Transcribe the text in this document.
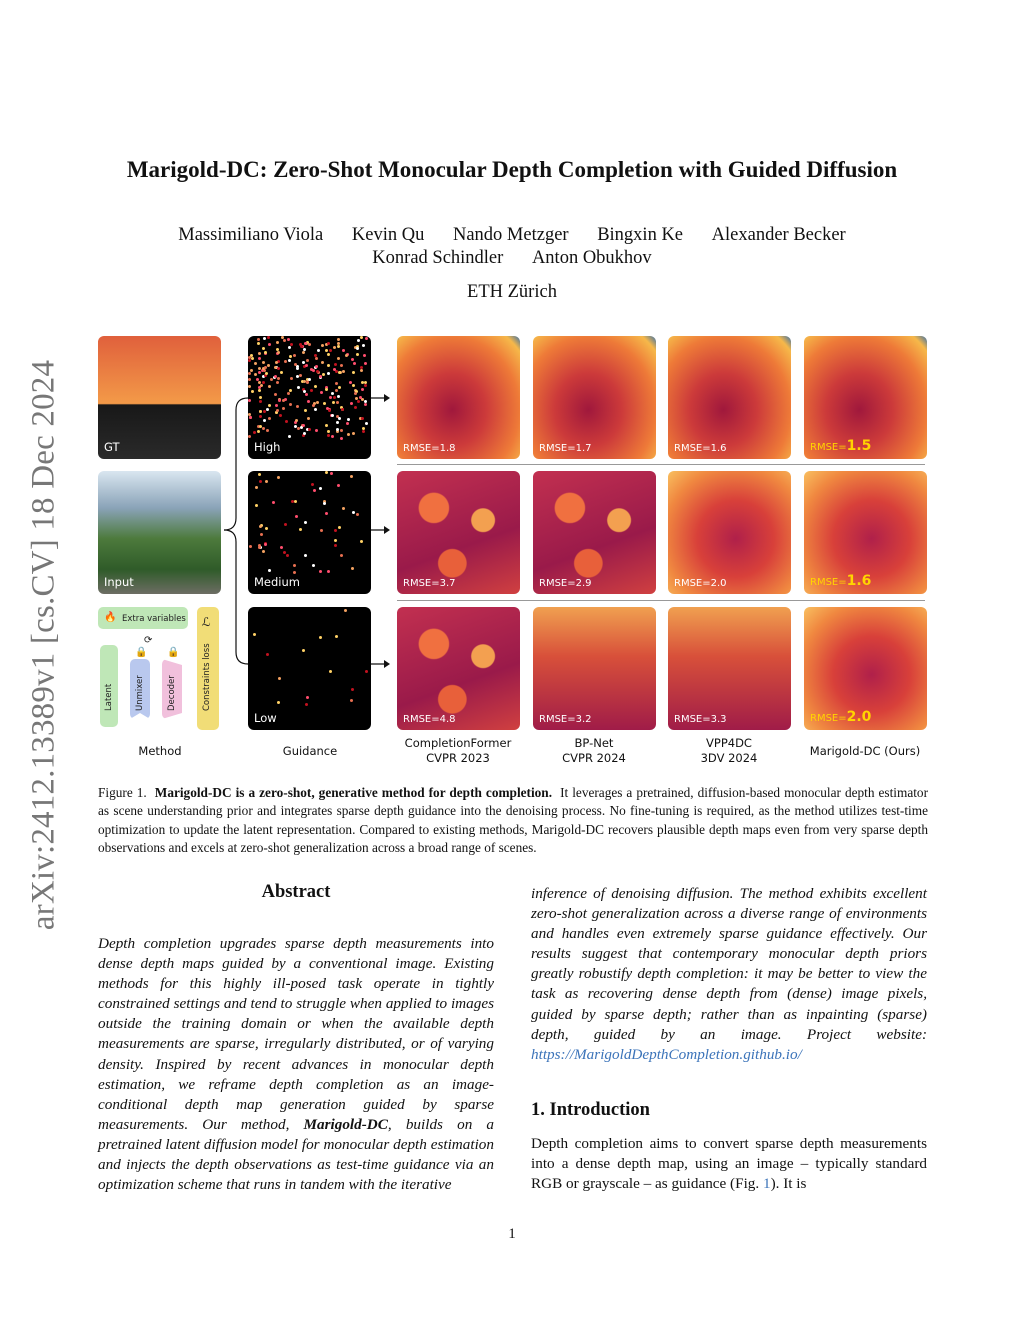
arXiv:2412.13389v1 [cs.CV] 18 Dec 2024
Marigold-DC: Zero-Shot Monocular Depth Completion with Guided Diffusion
Massimiliano Viola Kevin Qu Nando Metzger Bingxin Ke Alexander Becker
Konrad Schindler Anton Obukhov
ETH Zürich
GT
Input
🔥 Extra variables ℒ
Constraints loss
Latent
🔒
Unmixer
⟳
🔒
Decoder
High
Medium
Low
RMSE=1.8	RMSE=1.7	RMSE=1.6	RMSE=1.5
RMSE=3.7	RMSE=2.9	RMSE=2.0	RMSE=1.6
RMSE=4.8	RMSE=3.2	RMSE=3.3	RMSE=2.0
Method	Guidance
CompletionFormer
CVPR 2023
BP-Net
CVPR 2024
VPP4DC
3DV 2024	Marigold-DC (Ours)
Figure 1. Marigold-DC is a zero-shot, generative method for depth completion. It leverages a pretrained, diffusion-based monocular depth estimator as scene understanding prior and integrates sparse depth guidance into the denoising process. No fine-tuning is required, as the method utilizes test-time optimization to update the latent representation. Compared to existing methods, Marigold-DC recovers plausible depth maps even from very sparse depth observations and excels at zero-shot generalization across a broad range of scenes.
Abstract
Depth completion upgrades sparse depth measurements into dense depth maps guided by a conventional image. Existing methods for this highly ill-posed task operate in tightly constrained settings and tend to struggle when applied to images outside the training domain or when the available depth measurements are sparse, irregularly distributed, or of varying density. Inspired by recent advances in monocular depth estimation, we reframe depth completion as an image-conditional depth map generation guided by sparse measurements. Our method, Marigold-DC, builds on a pretrained latent diffusion model for monocular depth estimation and injects the depth observations as test-time guidance via an optimization scheme that runs in tandem with the iterative
inference of denoising diffusion. The method exhibits excellent zero-shot generalization across a diverse range of environments and handles even extremely sparse guidance effectively. Our results suggest that contemporary monocular depth priors greatly robustify depth completion: it may be better to view the task as recovering dense depth from (dense) image pixels, guided by sparse depth; rather than as inpainting (sparse) depth, guided by an image. Project website: https://MarigoldDepthCompletion.github.io/
1. Introduction
Depth completion aims to convert sparse depth measurements into a dense depth map, using an image – typically standard RGB or grayscale – as guidance (Fig. 1). It is
1
